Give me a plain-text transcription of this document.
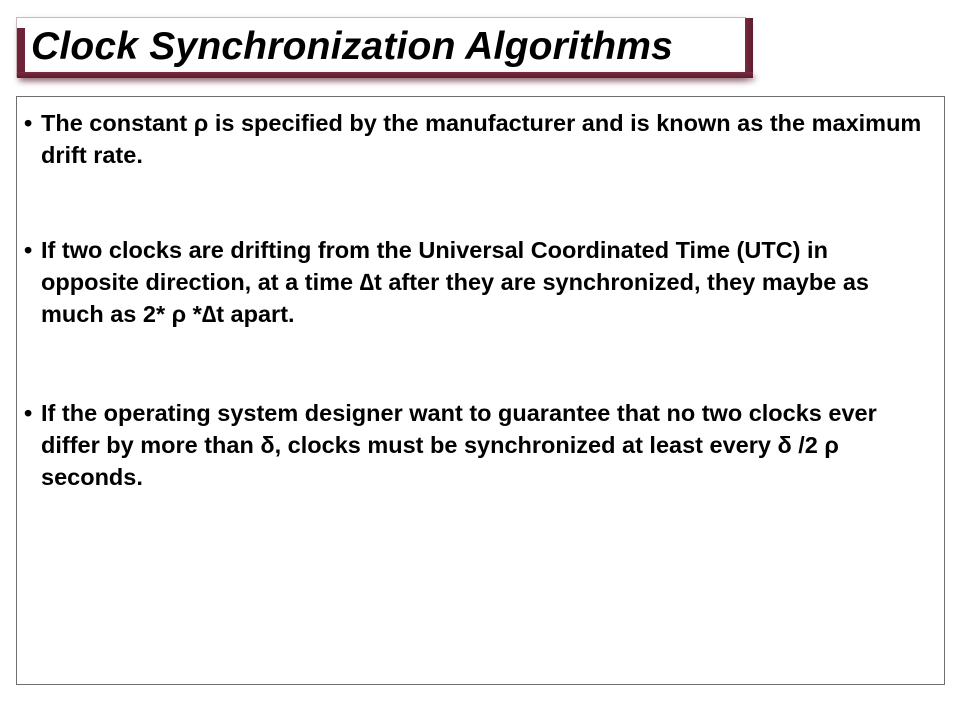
Clock Synchronization Algorithms
• The constant ρ is specified by the manufacturer and is known as the maximum drift rate.
• If two clocks are drifting from the Universal Coordinated Time (UTC) in opposite direction, at a time ∆t after they are synchronized, they maybe as much as 2* ρ *∆t apart.
• If the operating system designer want to guarantee that no two clocks ever differ by more than δ, clocks must be synchronized at least every δ /2 ρ seconds.
